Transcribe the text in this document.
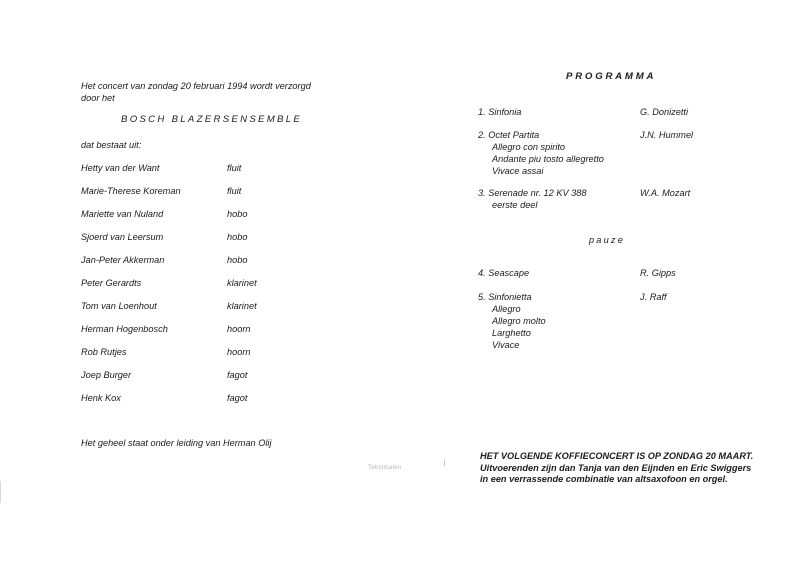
Het concert van zondag 20 februari 1994 wordt verzorgd
door het
BOSCH BLAZERSENSEMBLE
dat bestaat uit:
Hetty van der Want	fluit
Marie-Therese Koreman	fluit
Mariette van Nuland	hobo
Sjoerd van Leersum	hobo
Jan-Peter Akkerman	hobo
Peter Gerardts	klarinet
Tom van Loenhout	klarinet
Herman Hogenbosch	hoorn
Rob Rutjes	hoorn
Joep Burger	fagot
Henk Kox	fagot
Het geheel staat onder leiding van Herman Olij
Tekstmalen
PROGRAMMA
1. Sinfonia	G. Donizetti
2. Octet Partita	J.N. Hummel
Allegro con spirito
Andante piu tosto allegretto
Vivace assai
3. Serenade nr. 12 KV 388	W.A. Mozart
eerste deel
pauze
4. Seascape	R. Gipps
5. Sinfonietta	J. Raff
Allegro
Allegro molto
Larghetto
Vivace
HET VOLGENDE KOFFIECONCERT IS OP ZONDAG 20 MAART.
Uitvoerenden zijn dan Tanja van den Eijnden en Eric Swiggers in een verrassende combinatie van altsaxofoon en orgel.
